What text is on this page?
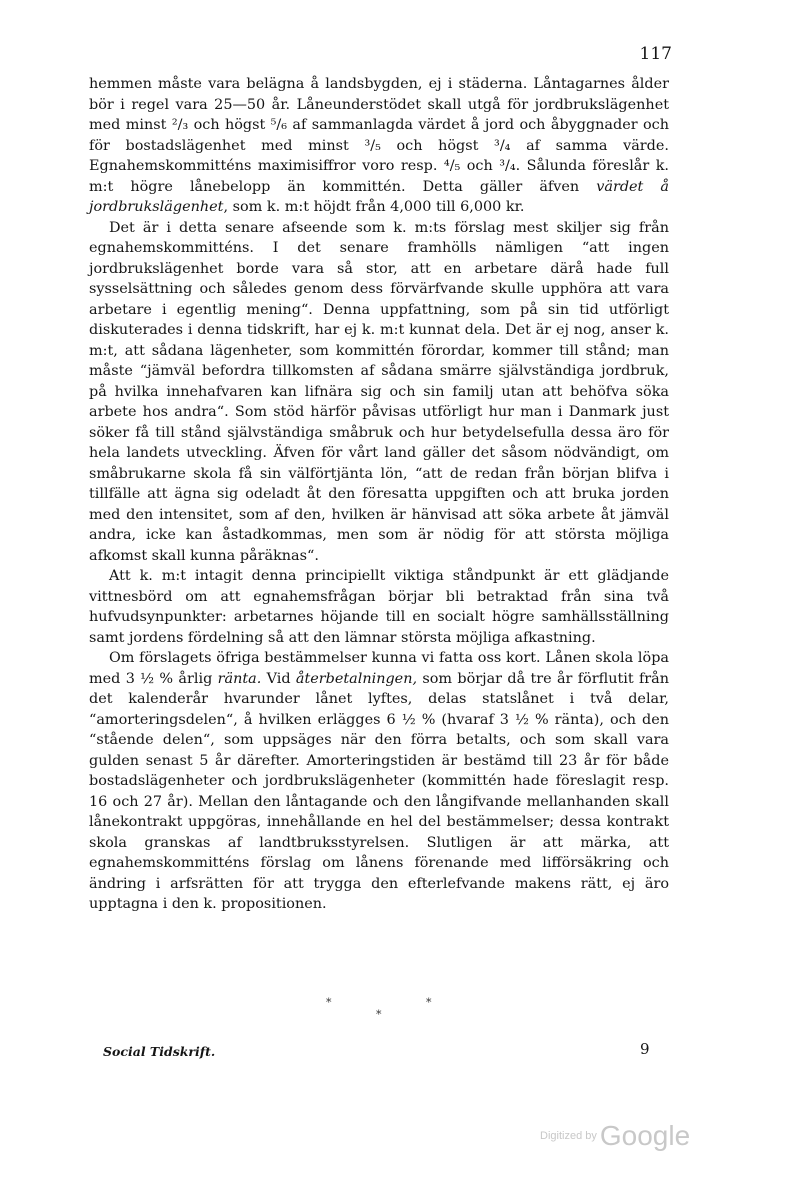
117

hemmen måste vara belägna å landsbygden, ej i städerna. Låntagarnes ålder bör i regel vara 25—50 år. Låneunderstödet skall utgå för jordbrukslägenhet med minst ²/₃ och högst ⁵/₆ af sammanlagda värdet å jord och åbyggnader och för bostadslägenhet med minst ³/₅ och högst ³/₄ af samma värde. Egnahemskommitténs maximisiffror voro resp. ⁴/₅ och ³/₄. Sålunda föreslår k. m:t högre lånebelopp än kommittén. Detta gäller äfven värdet å jordbrukslägenhet, som k. m:t höjdt från 4,000 till 6,000 kr.

Det är i detta senare afseende som k. m:ts förslag mest skiljer sig från egnahemskommitténs. I det senare framhölls nämligen “att ingen jordbrukslägenhet borde vara så stor, att en arbetare därå hade full sysselsättning och således genom dess förvärfvande skulle upphöra att vara arbetare i egentlig mening“. Denna uppfattning, som på sin tid utförligt diskuterades i denna tidskrift, har ej k. m:t kunnat dela. Det är ej nog, anser k. m:t, att sådana lägenheter, som kommittén förordar, kommer till stånd; man måste “jämväl befordra tillkomsten af sådana smärre självständiga jordbruk, på hvilka innehafvaren kan lifnära sig och sin familj utan att behöfva söka arbete hos andra“. Som stöd härför påvisas utförligt hur man i Danmark just söker få till stånd självständiga småbruk och hur betydelsefulla dessa äro för hela landets utveckling. Äfven för vårt land gäller det såsom nödvändigt, om småbrukarne skola få sin välförtjänta lön, “att de redan från början blifva i tillfälle att ägna sig odeladt åt den föresatta uppgiften och att bruka jorden med den intensitet, som af den, hvilken är hänvisad att söka arbete åt jämväl andra, icke kan åstadkommas, men som är nödig för att största möjliga afkomst skall kunna påräknas“.

Att k. m:t intagit denna principiellt viktiga ståndpunkt är ett glädjande vittnesbörd om att egnahemsfrågan börjar bli betraktad från sina två hufvudsynpunkter: arbetarnes höjande till en socialt högre samhällsställning samt jordens fördelning så att den lämnar största möjliga afkastning.

Om förslagets öfriga bestämmelser kunna vi fatta oss kort. Lånen skola löpa med 3 ½ % årlig ränta. Vid återbetalningen, som börjar då tre år förflutit från det kalenderår hvarunder lånet lyftes, delas statslånet i två delar, “amorteringsdelen“, å hvilken erlägges 6 ½ % (hvaraf 3 ½ % ränta), och den “stående delen“, som uppsäges när den förra betalts, och som skall vara gulden senast 5 år därefter. Amorteringstiden är bestämd till 23 år för både bostadslägenheter och jordbrukslägenheter (kommittén hade föreslagit resp. 16 och 27 år). Mellan den låntagande och den långifvande mellanhanden skall lånekontrakt uppgöras, innehållande en hel del bestämmelser; dessa kontrakt skola granskas af landtbruksstyrelsen. Slutligen är att märka, att egnahemskommitténs förslag om lånens förenande med lifförsäkring och ändring i arfsrätten för att trygga den efterlefvande makens rätt, ej äro upptagna i den k. propositionen.

*	*
*
Social Tidskrift.	9
Digitized by Google
